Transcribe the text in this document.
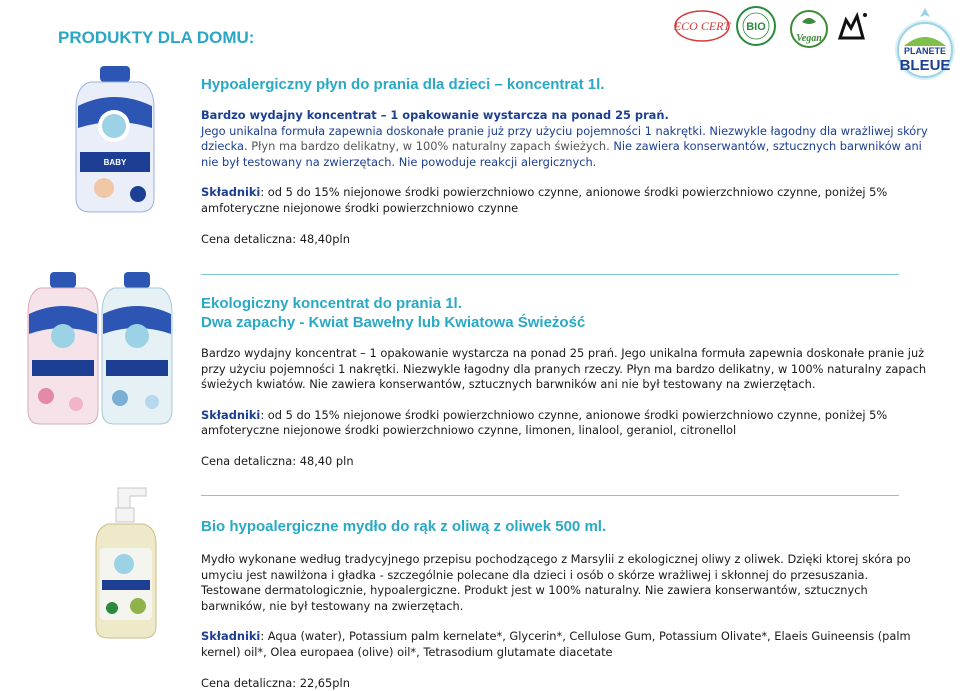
PRODUKTY DLA DOMU:
ECO CERT BIO
Vegan
PLANETE
BLEUE
BABY

Hypoalergiczny płyn do prania dla dzieci – koncentrat 1l.

Bardzo wydajny koncentrat – 1 opakowanie wystarcza na ponad 25 prań.

Jego unikalna formuła zapewnia doskonałe pranie już przy użyciu pojemności 1 nakrętki. Niezwykle łagodny dla wrażliwej skóry dziecka. Płyn ma bardzo delikatny, w 100% naturalny zapach świeżych. Nie zawiera konserwantów, sztucznych barwników ani nie był testowany na zwierzętach. Nie powoduje reakcji alergicznych.

Składniki: od 5 do 15% niejonowe środki powierzchniowo czynne, anionowe środki powierzchniowo czynne, poniżej 5% amfoteryczne niejonowe środki powierzchniowo czynne

Cena detaliczna: 48,40pln

Ekologiczny koncentrat do prania 1l.

Dwa zapachy - Kwiat Bawełny lub Kwiatowa Świeżość

Bardzo wydajny koncentrat – 1 opakowanie wystarcza na ponad 25 prań. Jego unikalna formuła zapewnia doskonałe pranie już przy użyciu pojemności 1 nakrętki. Niezwykle łagodny dla pranych rzeczy. Płyn ma bardzo delikatny, w 100% naturalny zapach świeżych kwiatów. Nie zawiera konserwantów, sztucznych barwników ani nie był testowany na zwierzętach.

Składniki: od 5 do 15% niejonowe środki powierzchniowo czynne, anionowe środki powierzchniowo czynne, poniżej 5% amfoteryczne niejonowe środki powierzchniowo czynne, limonen, linalool, geraniol, citronellol

Cena detaliczna: 48,40 pln

Bio hypoalergiczne mydło do rąk z oliwą z oliwek 500 ml.

Mydło wykonane według tradycyjnego przepisu pochodzącego z Marsylii z ekologicznej oliwy z oliwek. Dzięki ktorej skóra po umyciu jest nawilżona i gładka - szczególnie polecane dla dzieci i osób o skórze wrażliwej i skłonnej do przesuszania. Testowane dermatologicznie, hypoalergiczne. Produkt jest w 100% naturalny. Nie zawiera konserwantów, sztucznych barwników, nie był testowany na zwierzętach.

Składniki: Aqua (water), Potassium palm kernelate*, Glycerin*, Cellulose Gum, Potassium Olivate*, Elaeis Guineensis (palm kernel) oil*, Olea europaea (olive) oil*, Tetrasodium glutamate diacetate

Cena detaliczna: 22,65pln
